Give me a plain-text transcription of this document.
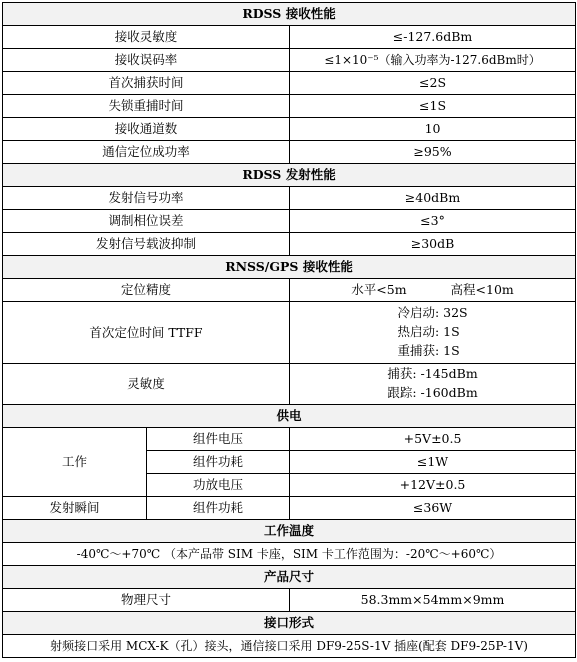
RDSS 接收性能		
接收灵敏度		≤-127.6dBm
接收误码率		≤1×10⁻⁵（输入功率为-127.6dBm时）
首次捕获时间		≤2S
失锁重捕时间		≤1S
接收通道数		10
通信定位成功率		≥95%
RDSS 发射性能		
发射信号功率		≥40dBm
调制相位误差		≤3°
发射信号载波抑制		≥30dB
RNSS/GPS 接收性能		
定位精度		水平<5m 高程<10m
首次定位时间 TTFF		冷启动: 32S
热启动: 1S
重捕获: 1S

灵敏度		捕获: -145dBm
跟踪: -160dBm

供电		
工作	组件电压	+5V±0.5
	组件功耗	≤1W
	功放电压	+12V±0.5
发射瞬间	组件功耗	≤36W
工作温度		
-40℃～+70℃ （本产品带 SIM 卡座，SIM 卡工作范围为：-20℃～+60℃）		
产品尺寸		
物理尺寸		58.3mm×54mm×9mm
接口形式		
射频接口采用 MCX-K（孔）接头，通信接口采用 DF9-25S-1V 插座(配套 DF9-25P-1V)		
